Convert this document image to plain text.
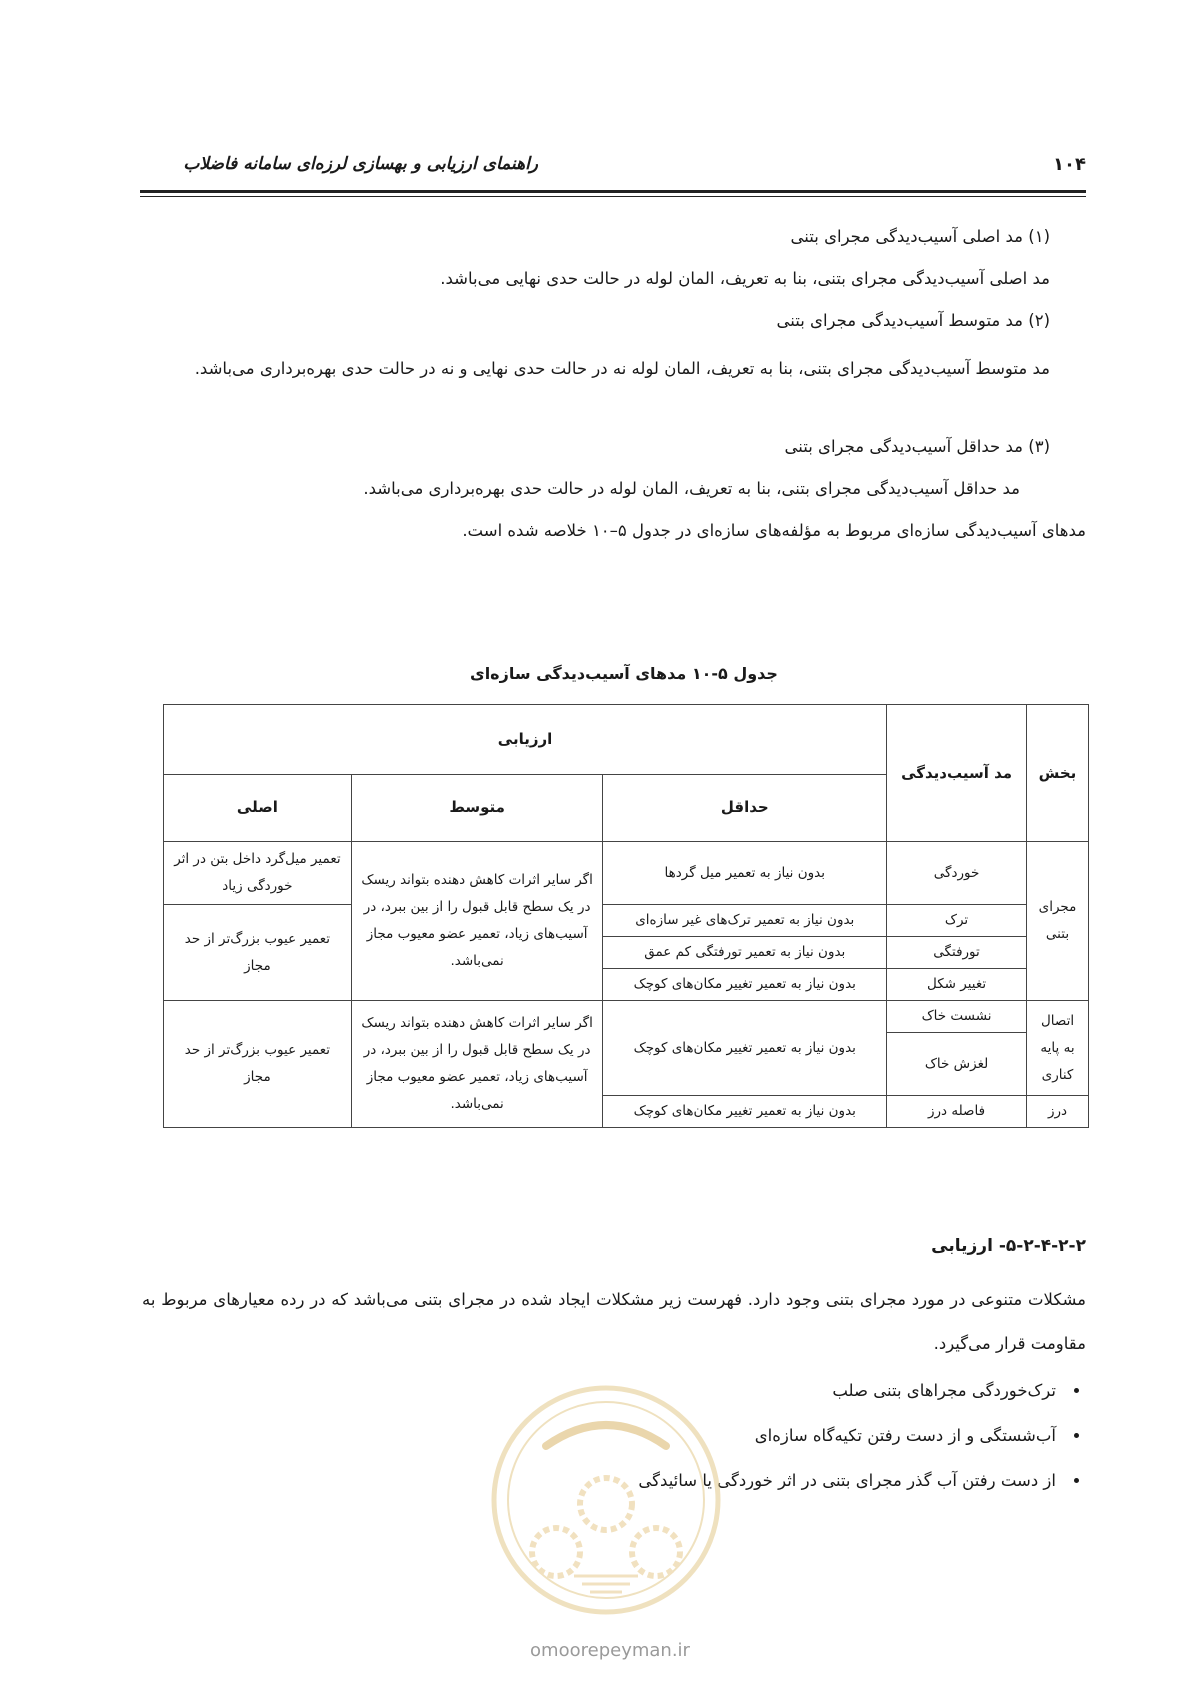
راهنمای ارزیابی و بهسازی لرزه‌ای سامانه فاضلاب	۱۰۴
(۱) مد اصلی آسیب‌دیدگی مجرای بتنی
مد اصلی آسیب‌دیدگی مجرای بتنی، بنا به تعریف، المان لوله در حالت حدی نهایی می‌باشد.
(۲) مد متوسط آسیب‌دیدگی مجرای بتنی
مد متوسط آسیب‌دیدگی مجرای بتنی، بنا به تعریف، المان لوله نه در حالت حدی نهایی و نه در حالت حدی بهره‌برداری می‌باشد.
(۳) مد حداقل آسیب‌دیدگی مجرای بتنی
مد حداقل آسیب‌دیدگی مجرای بتنی، بنا به تعریف، المان لوله در حالت حدی بهره‌برداری می‌باشد.
مدهای آسیب‌دیدگی سازه‌ای مربوط به مؤلفه‌های سازه‌ای در جدول ۵–۱۰ خلاصه شده است.
جدول ۵-۱۰ مدهای آسیب‌دیدگی سازه‌ای
بخش	مد آسیب‌دیدگی	ارزیابی		
		حداقل	متوسط	اصلی
مجرای بتنی	خوردگی	بدون نیاز به تعمیر میل گردها	اگر سایر اثرات کاهش دهنده بتواند ریسک در یک سطح قابل قبول را از بین ببرد، در آسیب‌های زیاد، تعمیر عضو معیوب مجاز نمی‌باشد.	تعمیر میل‌گرد داخل بتن در اثر خوردگی زیاد
	ترک	بدون نیاز به تعمیر ترک‌های غیر سازه‌ای		تعمیر عیوب بزرگ‌تر از حد مجاز
	تورفتگی	بدون نیاز به تعمیر تورفتگی کم عمق		
	تغییر شکل	بدون نیاز به تعمیر تغییر مکان‌های کوچک		
اتصال به پایه کناری	نشست خاک	بدون نیاز به تعمیر تغییر مکان‌های کوچک	اگر سایر اثرات کاهش دهنده بتواند ریسک در یک سطح قابل قبول را از بین ببرد، در آسیب‌های زیاد، تعمیر عضو معیوب مجاز نمی‌باشد.	تعمیر عیوب بزرگ‌تر از حد مجاز
	لغزش خاک			
درز	فاصله درز	بدون نیاز به تعمیر تغییر مکان‌های کوچک		
۵-۲-۴-۲-۲- ارزیابی
مشکلات متنوعی در مورد مجرای بتنی وجود دارد. فهرست زیر مشکلات ایجاد شده در مجرای بتنی می‌باشد که در رده معیارهای مربوط به مقاومت قرار می‌گیرد.
• ترک‌خوردگی مجراهای بتنی صلب
• آب‌شستگی و از دست رفتن تکیه‌گاه سازه‌ای
• از دست رفتن آب گذر مجرای بتنی در اثر خوردگی یا سائیدگی
omoorepeyman.ir
